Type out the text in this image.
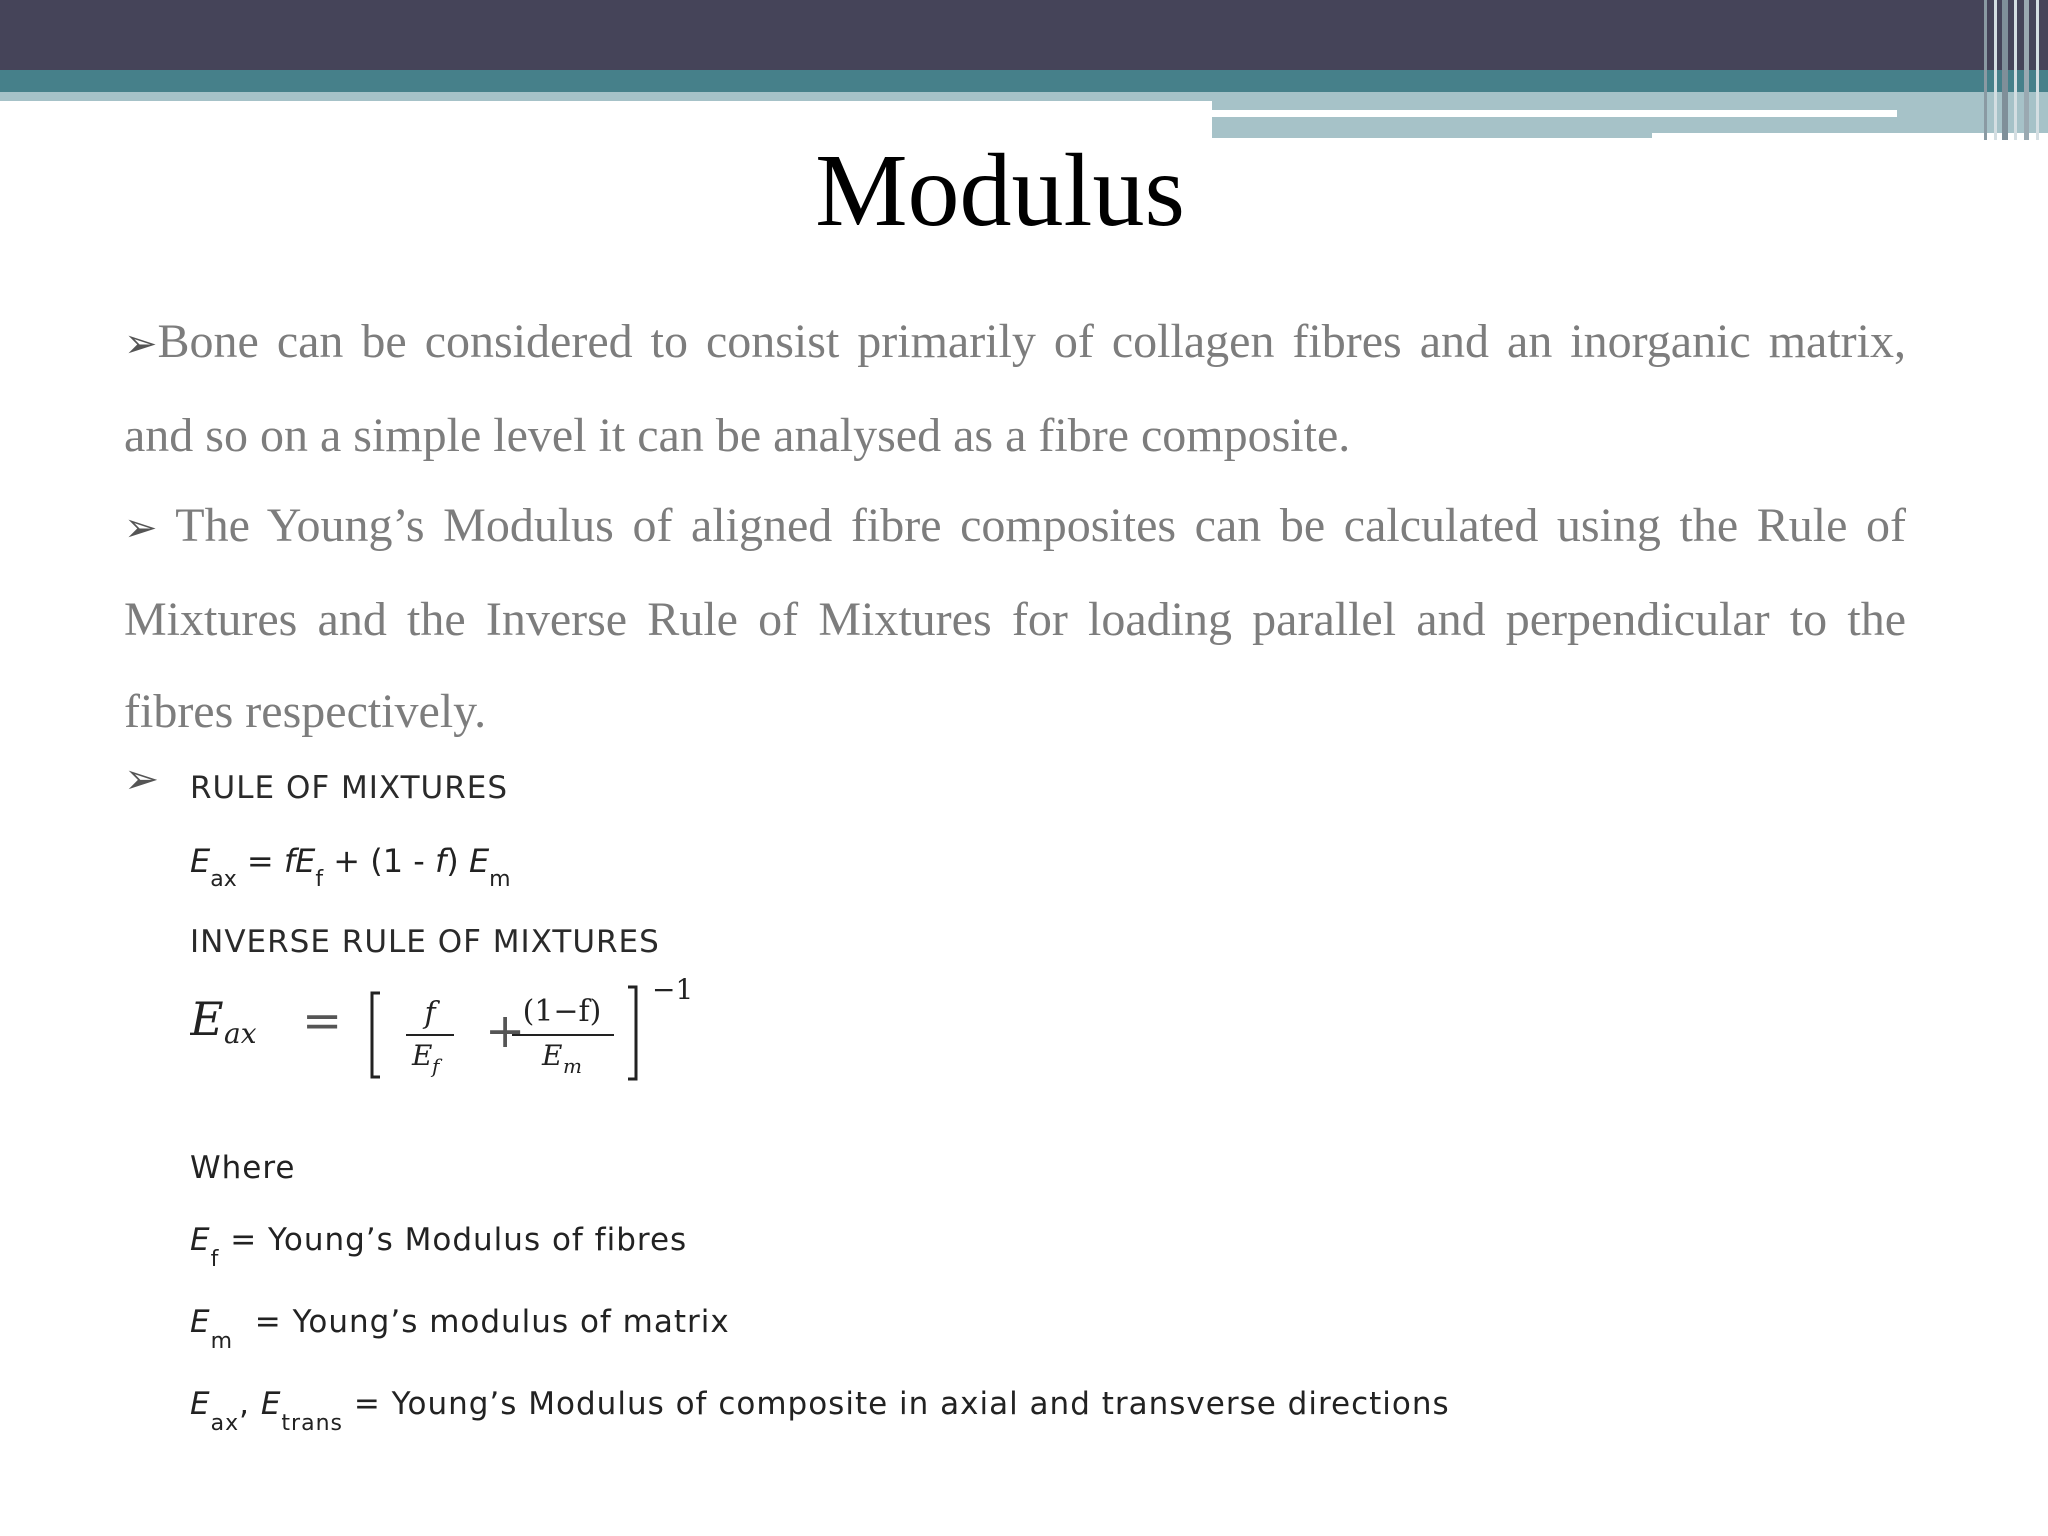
Modulus
➢Bone can be considered to consist primarily of collagen fibres and an inorganic matrix, and so on a simple level it can be analysed as a fibre composite.
➢ The Young’s Modulus of aligned fibre composites can be calculated using the Rule of Mixtures and the Inverse Rule of Mixtures for loading parallel and perpendicular to the fibres respectively.
➢ RULE OF MIXTURES
$E_{ax} = fE_f + (1 - f)$ $E_m$
INVERSE RULE OF MIXTURES
E ax =	f
E f
+
(1−f)
E m
−1
Where
$E_f$ = Young’s Modulus of fibres
$E_m$  = Young’s modulus of matrix
$E_{ax}$, $E_{trans}$ = Young’s Modulus of composite in axial and transverse directions
